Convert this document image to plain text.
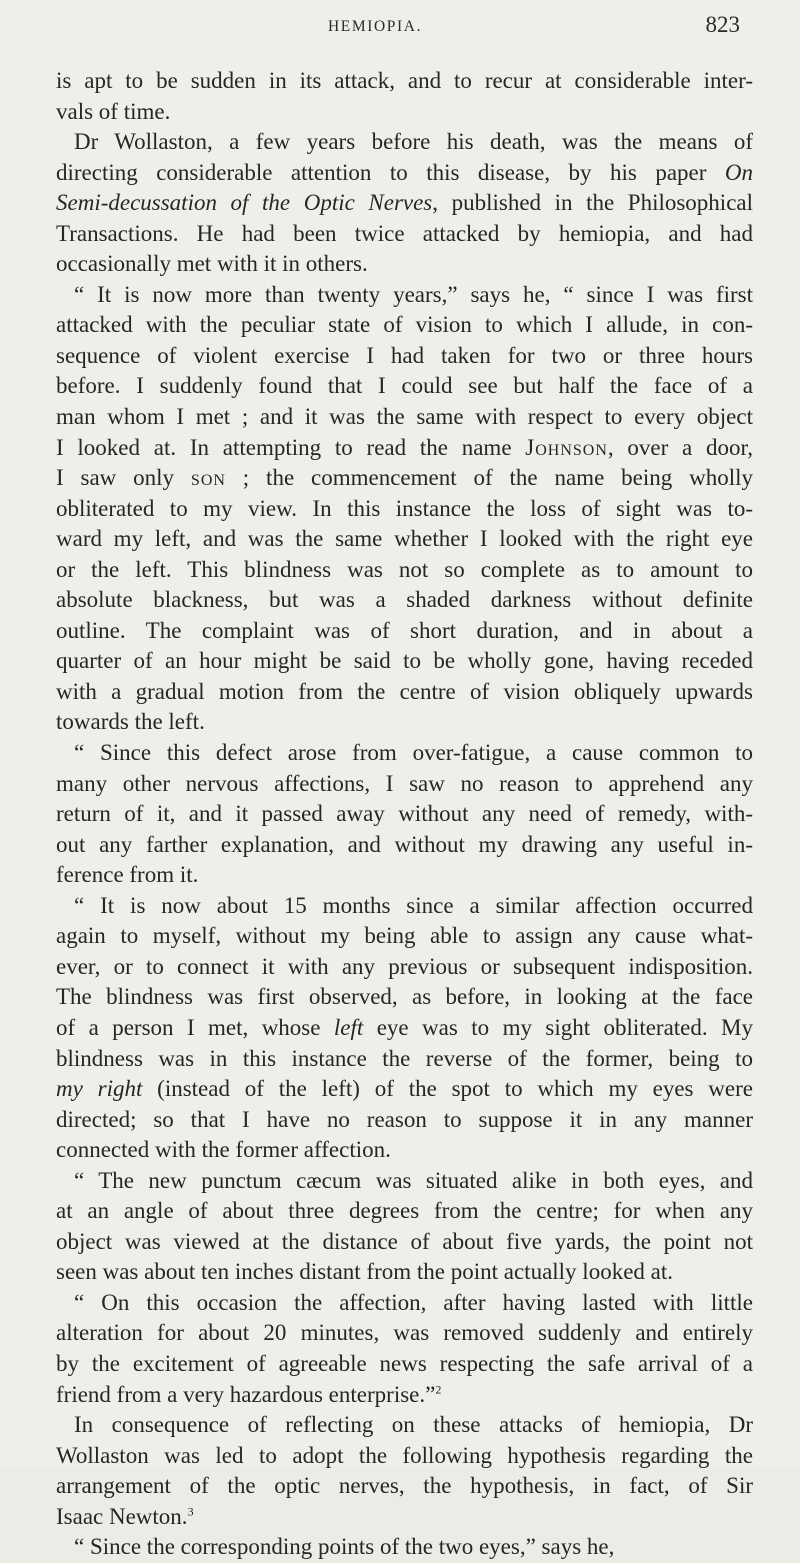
HEMIOPIA.	823
is apt to be sudden in its attack, and to recur at considerable inter-
vals of time.
Dr Wollaston, a few years before his death, was the means of
directing considerable attention to this disease, by his paper On
Semi-decussation of the Optic Nerves, published in the Philosophical
Transactions. He had been twice attacked by hemiopia, and had
occasionally met with it in others.
“ It is now more than twenty years,” says he, “ since I was first
attacked with the peculiar state of vision to which I allude, in con-
sequence of violent exercise I had taken for two or three hours
before. I suddenly found that I could see but half the face of a
man whom I met ; and it was the same with respect to every object
I looked at. In attempting to read the name Johnson, over a door,
I saw only son ; the commencement of the name being wholly
obliterated to my view. In this instance the loss of sight was to-
ward my left, and was the same whether I looked with the right eye
or the left. This blindness was not so complete as to amount to
absolute blackness, but was a shaded darkness without definite
outline. The complaint was of short duration, and in about a
quarter of an hour might be said to be wholly gone, having receded
with a gradual motion from the centre of vision obliquely upwards
towards the left.
“ Since this defect arose from over-fatigue, a cause common to
many other nervous affections, I saw no reason to apprehend any
return of it, and it passed away without any need of remedy, with-
out any farther explanation, and without my drawing any useful in-
ference from it.
“ It is now about 15 months since a similar affection occurred
again to myself, without my being able to assign any cause what-
ever, or to connect it with any previous or subsequent indisposition.
The blindness was first observed, as before, in looking at the face
of a person I met, whose left eye was to my sight obliterated. My
blindness was in this instance the reverse of the former, being to
my right (instead of the left) of the spot to which my eyes were
directed; so that I have no reason to suppose it in any manner
connected with the former affection.
“ The new punctum cæcum was situated alike in both eyes, and
at an angle of about three degrees from the centre; for when any
object was viewed at the distance of about five yards, the point not
seen was about ten inches distant from the point actually looked at.
“ On this occasion the affection, after having lasted with little
alteration for about 20 minutes, was removed suddenly and entirely
by the excitement of agreeable news respecting the safe arrival of a
friend from a very hazardous enterprise.”$^2$
In consequence of reflecting on these attacks of hemiopia, Dr
Wollaston was led to adopt the following hypothesis regarding the
arrangement of the optic nerves, the hypothesis, in fact, of Sir
Isaac Newton.$^3$
“ Since the corresponding points of the two eyes,” says he,
